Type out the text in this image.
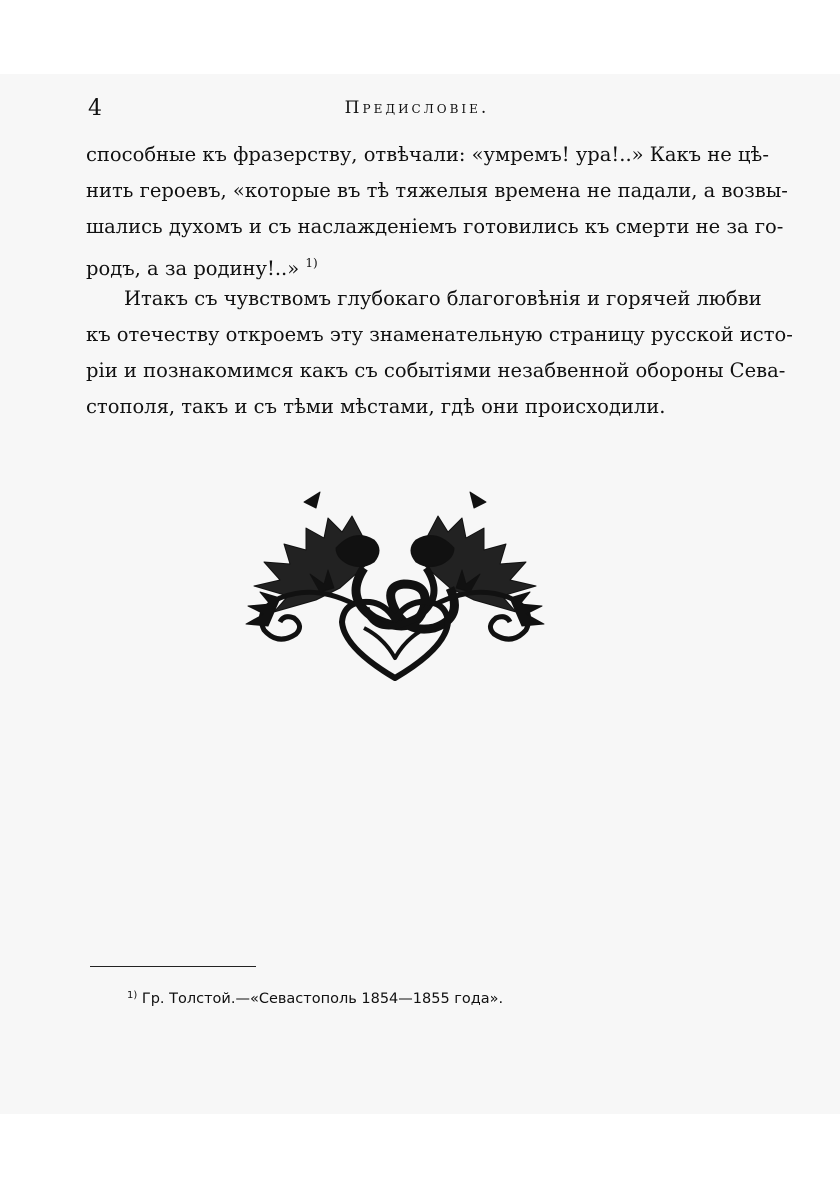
4	Предисловіе.
способные къ фразерству, отвѣчали: «умремъ! ура!..» Какъ не цѣ-
нить героевъ, «которые въ тѣ тяжелыя времена не падали, а возвы-
шались духомъ и съ наслажденіемъ готовились къ смерти не за го-
родъ, а за родину!..» $^{1)}$
Итакъ съ чувствомъ глубокаго благоговѣнія и горячей любви
къ отечеству откроемъ эту знаменательную страницу русской исто-
ріи и познакомимся какъ съ событіями незабвенной обороны Сева-
стополя, такъ и съ тѣми мѣстами, гдѣ они происходили.
$^{1)}$ Гр. Толстой.—«Севастополь 1854—1855 года».
